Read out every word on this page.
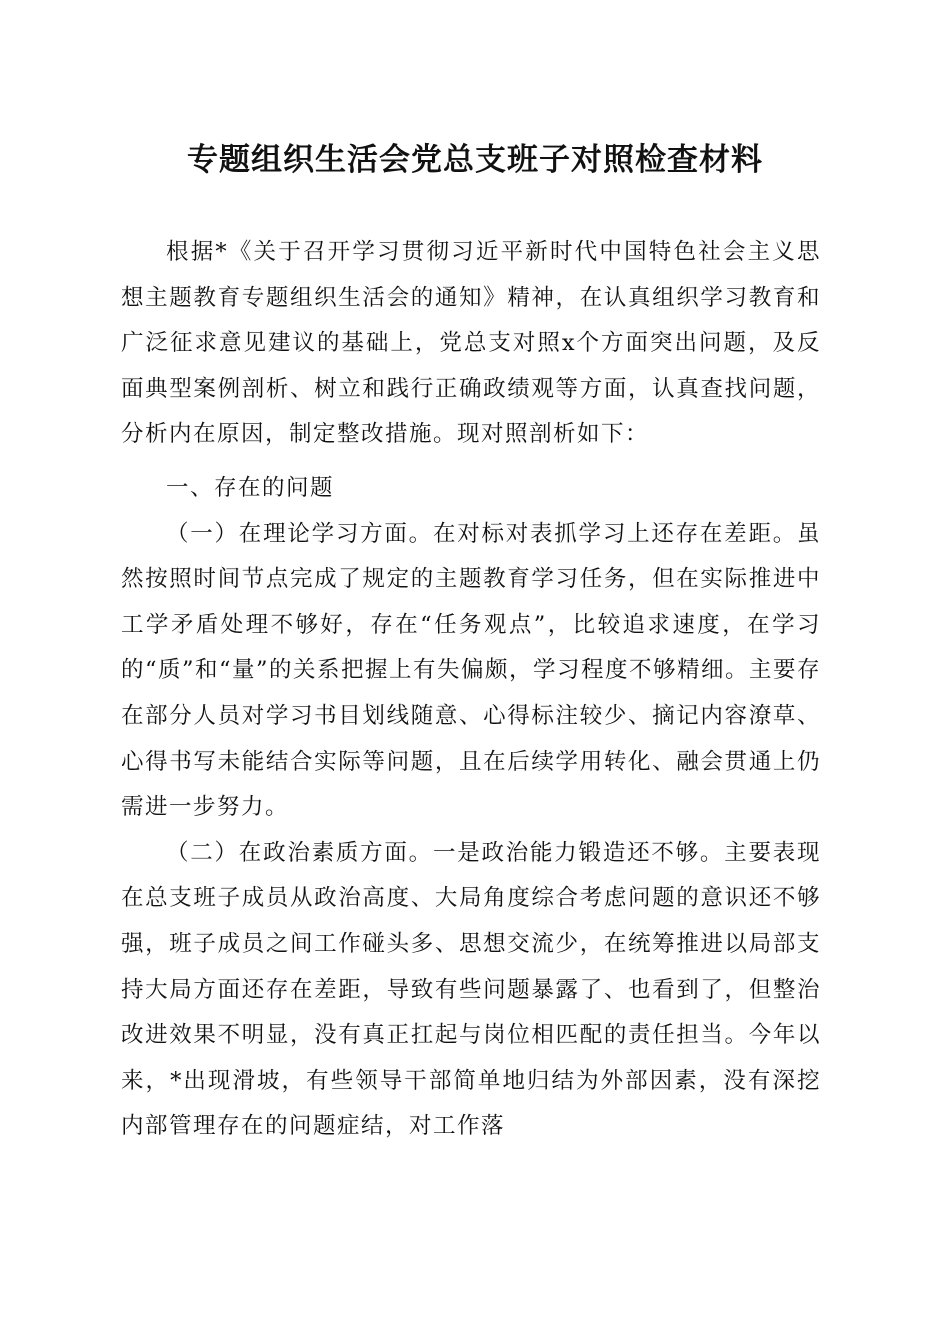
专题组织生活会党总支班子对照检查材料

根据*《关于召开学习贯彻习近平新时代中国特色社会主义思想主题教育专题组织生活会的通知》精神，在认真组织学习教育和广泛征求意见建议的基础上，党总支对照x个方面突出问题，及反面典型案例剖析、树立和践行正确政绩观等方面，认真查找问题，分析内在原因，制定整改措施。现对照剖析如下：

一、存在的问题

（一）在理论学习方面。在对标对表抓学习上还存在差距。虽然按照时间节点完成了规定的主题教育学习任务，但在实际推进中工学矛盾处理不够好，存在“任务观点”，比较追求速度，在学习的“质”和“量”的关系把握上有失偏颇，学习程度不够精细。主要存在部分人员对学习书目划线随意、心得标注较少、摘记内容潦草、心得书写未能结合实际等问题，且在后续学用转化、融会贯通上仍需进一步努力。

（二）在政治素质方面。一是政治能力锻造还不够。主要表现在总支班子成员从政治高度、大局角度综合考虑问题的意识还不够强，班子成员之间工作碰头多、思想交流少，在统筹推进以局部支持大局方面还存在差距，导致有些问题暴露了、也看到了，但整治改进效果不明显，没有真正扛起与岗位相匹配的责任担当。今年以来，*出现滑坡，有些领导干部简单地归结为外部因素，没有深挖内部管理存在的问题症结，对工作落
